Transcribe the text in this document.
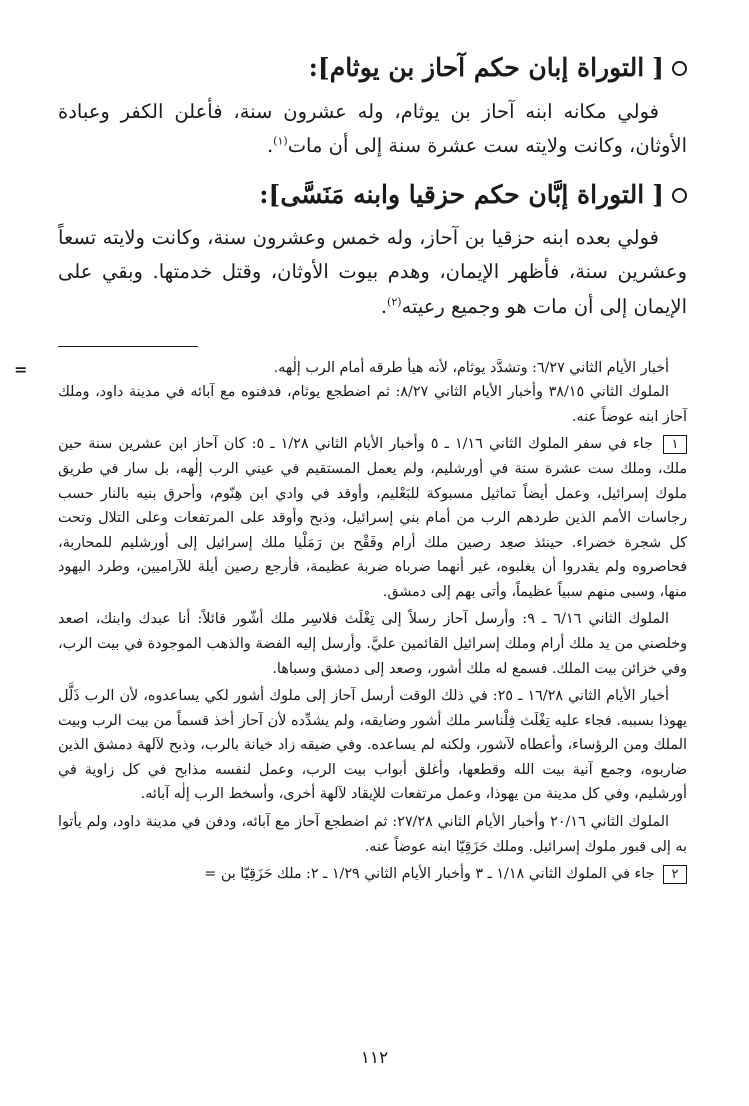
[
التوراة إبان حكم آحاز بن يوثام]:

فولي مكانه ابنه آحاز بن يوثام، وله عشرون سنة، فأعلن الكفر وعبادة الأوثان، وكانت ولايته ست عشرة سنة إلى أن مات$^{(١)}$.

[
التوراة إبَّان حكم حزقيا وابنه مَنَسَّى]:

فولي بعده ابنه حزقيا بن آحاز، وله خمس وعشرون سنة، وكانت ولايته تسعاً وعشرين سنة، فأظهر الإيمان، وهدم بيوت الأوثان، وقتل خدمتها. وبقي على الإيمان إلى أن مات هو وجميع رعيته$^{(٢)}$.

=	أخبار الأيام الثاني ٦/٢٧: وتشدَّد يوثام، لأنه هيأ طرقه أمام الرب إلٰهه.

الملوك الثاني ٣٨/١٥ وأخبار الأيام الثاني ٨/٢٧: ثم اضطجع يوثام، فدفنوه مع آبائه في مدينة داود، وملك آحاز ابنه عوضاً عنه.

١ جاء في سفر الملوك الثاني ١/١٦ ـ ٥ وأخبار الأيام الثاني ١/٢٨ ـ ٥: كان آحاز ابن عشرين سنة حين ملك، وملك ست عشرة سنة في أورشليم، ولم يعمل المستقيم في عيني الرب إلٰهه، بل سار في طريق ملوك إسرائيل، وعمل أيضاً تماثيل مسبوكة للبَعْليم، وأوقد في وادي ابن هِنّوم، وأحرق بنيه بالنار حسب رجاسات الأمم الذين طردهم الرب من أمام بني إسرائيل، وذبح وأوقد على المرتفعات وعلى التلال وتحت كل شجرة خضراء. حينئذ صعِد رصين ملك أرام وفَقْح بن رَمَلْيا ملك إسرائيل إلى أورشليم للمحاربة، فحاصروه ولم يقدروا أن يغلبوه، غير أنهما ضرباه ضربة عظيمة، فأرجع رصين أيلة للآراميين، وطرد اليهود منها، وسبى منهم سبياً عظيماً، وأتى بهم إلى دمشق.

الملوك الثاني ٦/١٦ ـ ٩: وأرسل آحاز رسلاً إلى تِغْلَث فلاسِر ملك أشّور قائلاً: أنا عبدك وابنك، اصعد وخلصني من يد ملك أرام وملك إسرائيل القائمين عليَّ. وأرسل إليه الفضة والذهب الموجودة في بيت الرب، وفي خزائن بيت الملك. فسمع له ملك أشور، وصعد إلى دمشق وسباها.

أخبار الأيام الثاني ١٦/٢٨ ـ ٢٥: في ذلك الوقت أرسل آحاز إلى ملوك أشور لكي يساعدوه، لأن الرب ذَلَّل يهوذا بسببه. فجاء عليه تِغْلَث فِلْناسر ملك أشور وضايقه، ولم يشدِّده لأن آحاز أخذ قسماً من بيت الرب وبيت الملك ومن الرؤساء، وأعطاه لآشور، ولكنه لم يساعده. وفي ضيقه زاد خيانة بالرب، وذبح لآلهة دمشق الذين ضاربوه، وجمع آنية بيت الله وقطعها، وأغلق أبواب بيت الرب، وعمل لنفسه مذابح في كل زاوية في أورشليم، وفي كل مدينة من يهوذا، وعمل مرتفعات للإيقاد لآلهة أخرى، وأسخط الرب إلٰه آبائه.

الملوك الثاني ٢٠/١٦ وأخبار الأيام الثاني ٢٧/٢٨: ثم اضطجع آحاز مع آبائه، ودفن في مدينة داود، ولم يأتوا به إلى قبور ملوك إسرائيل. وملك حَزَقِيّا ابنه عوضاً عنه.

٢ جاء في الملوك الثاني ١/١٨ ـ ٣ وأخبار الأيام الثاني ١/٢٩ ـ ٢: ملك حَزَقِيّا بن =

١١٢
